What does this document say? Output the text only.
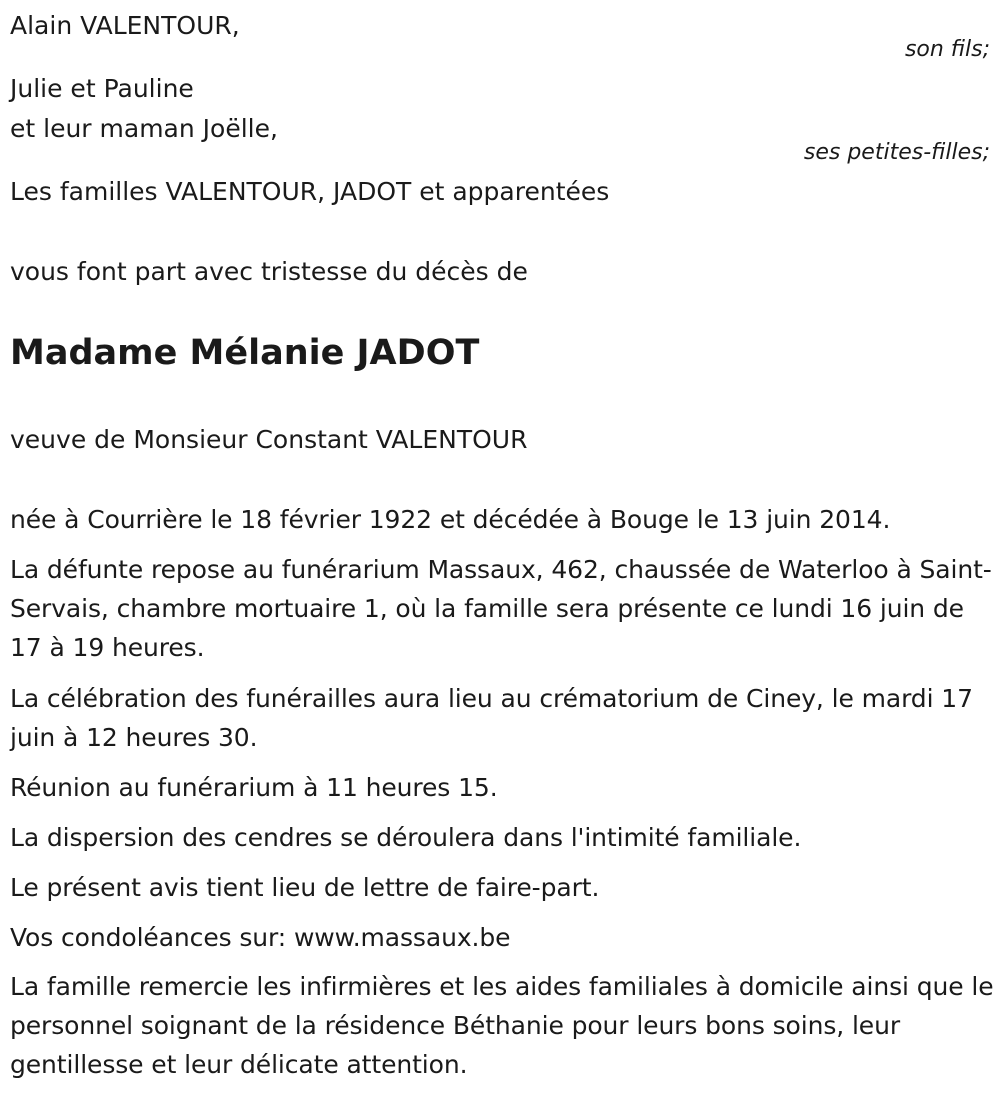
Alain VALENTOUR,
son fils;
Julie et Pauline
et leur maman Joëlle,
ses petites-filles;
Les familles VALENTOUR, JADOT et apparentées
vous font part avec tristesse du décès de
Madame Mélanie JADOT
veuve de Monsieur Constant VALENTOUR
née à Courrière le 18 février 1922 et décédée à Bouge le 13 juin 2014.
La défunte repose au funérarium Massaux, 462, chaussée de Waterloo à Saint-Servais, chambre mortuaire 1, où la famille sera présente ce lundi 16 juin de 17 à 19 heures.
La célébration des funérailles aura lieu au crématorium de Ciney, le mardi 17 juin à 12 heures 30.
Réunion au funérarium à 11 heures 15.
La dispersion des cendres se déroulera dans l'intimité familiale.
Le présent avis tient lieu de lettre de faire-part.
Vos condoléances sur: www.massaux.be
La famille remercie les infirmières et les aides familiales à domicile ainsi que le personnel soignant de la résidence Béthanie pour leurs bons soins, leur gentillesse et leur délicate attention.
